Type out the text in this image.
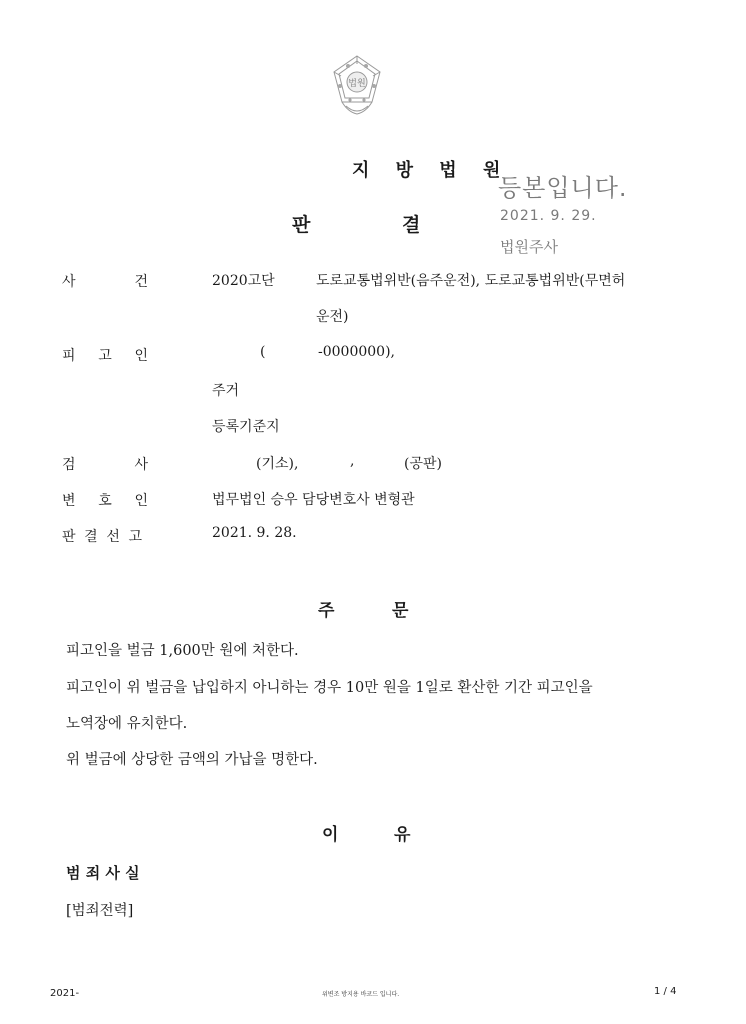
법원
지 방 법 원
판	결
등본입니다.
2021. 9. 29.
법원주사
사	건	2020고단	도로교통법위반(음주운전), 도로교통법위반(무면허
운전)
피 고 인	(	-0000000),
주거
등록기준지
검	사	(기소),	,	(공판)
변 호 인	법무법인 승우 담당변호사 변형관
판 결 선 고	2021. 9. 28.
주	문
피고인을 벌금 1,600만 원에 처한다.
피고인이 위 벌금을 납입하지 아니하는 경우 10만 원을 1일로 환산한 기간 피고인을
노역장에 유치한다.
위 벌금에 상당한 금액의 가납을 명한다.
이	유
범 죄 사 실
[범죄전력]
2021-	위변조 방지용 바코드 입니다.	1 / 4
